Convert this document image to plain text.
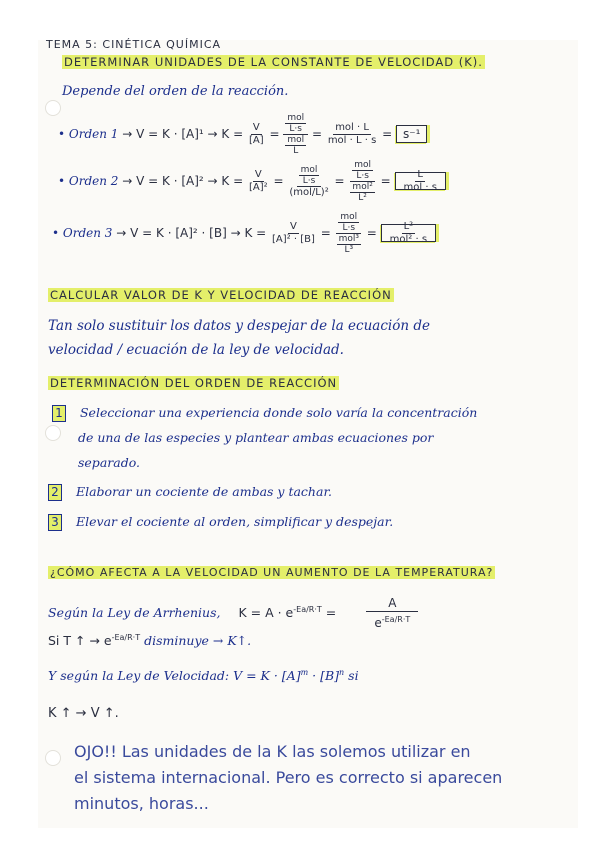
TEMA 5: CINÉTICA QUÍMICA
DETERMINAR UNIDADES DE LA CONSTANTE DE VELOCIDAD (K).
Depende del orden de la reacción.
• Orden $1 \to V = K \cdot [A]^1 \to K = \frac{V}{[A]} = \frac{\frac{\text{mol}}{L\cdot s}}{\frac{\text{mol}}{L}} = \frac{\text{mol · L}}{\text{mol · L · s}} = s^{-1}$
• Orden $2 \to V = K \cdot [A]^2 \to K = \frac{V}{\text{[A]²}} = \frac{\frac{\text{mol}}{L\cdot s}}{\text{(mol/L)²}} = \frac{\frac{\text{mol}}{L\cdot s}}{\frac{\text{mol²}}{\text{L²}}} = \frac{L}{\text{mol · s}}$
• Orden $3 \to V = K \cdot [A]^2 \cdot [B] \to K = \frac{V}{\text{[A]² · [B]}} = \frac{\frac{\text{mol}}{L\cdot s}}{\frac{\text{mol³}}{\text{L³}}} = \frac{\text{L²}}{\text{mol² · s}}$
CALCULAR VALOR DE K Y VELOCIDAD DE REACCIÓN
Tan solo sustituir los datos y despejar de la ecuación de
velocidad / ecuación de la ley de velocidad.
DETERMINACIÓN DEL ORDEN DE REACCIÓN
1 Seleccionar una experiencia donde solo varía la concentración
de una de las especies y plantear ambas ecuaciones por
separado.
2 Elaborar un cociente de ambas y tachar.
3 Elevar el cociente al orden, simplificar y despejar.
¿CÓMO AFECTA A LA VELOCIDAD UN AUMENTO DE LA TEMPERATURA?
Según la Ley de Arrhenius, $K = A \cdot e^{-Ea/R\cdot T} = \frac{A}{e^{-Ea/R\cdot T}}$
Si T ↑ → $e^{-Ea/R\cdot T}$ disminuye → K↑.
Y según la Ley de Velocidad: $V = K \cdot [A]^m \cdot [B]^n$ si
K ↑ → V ↑.
OJO!! Las unidades de la K las solemos utilizar en
el sistema internacional. Pero es correcto si aparecen
minutos, horas...
